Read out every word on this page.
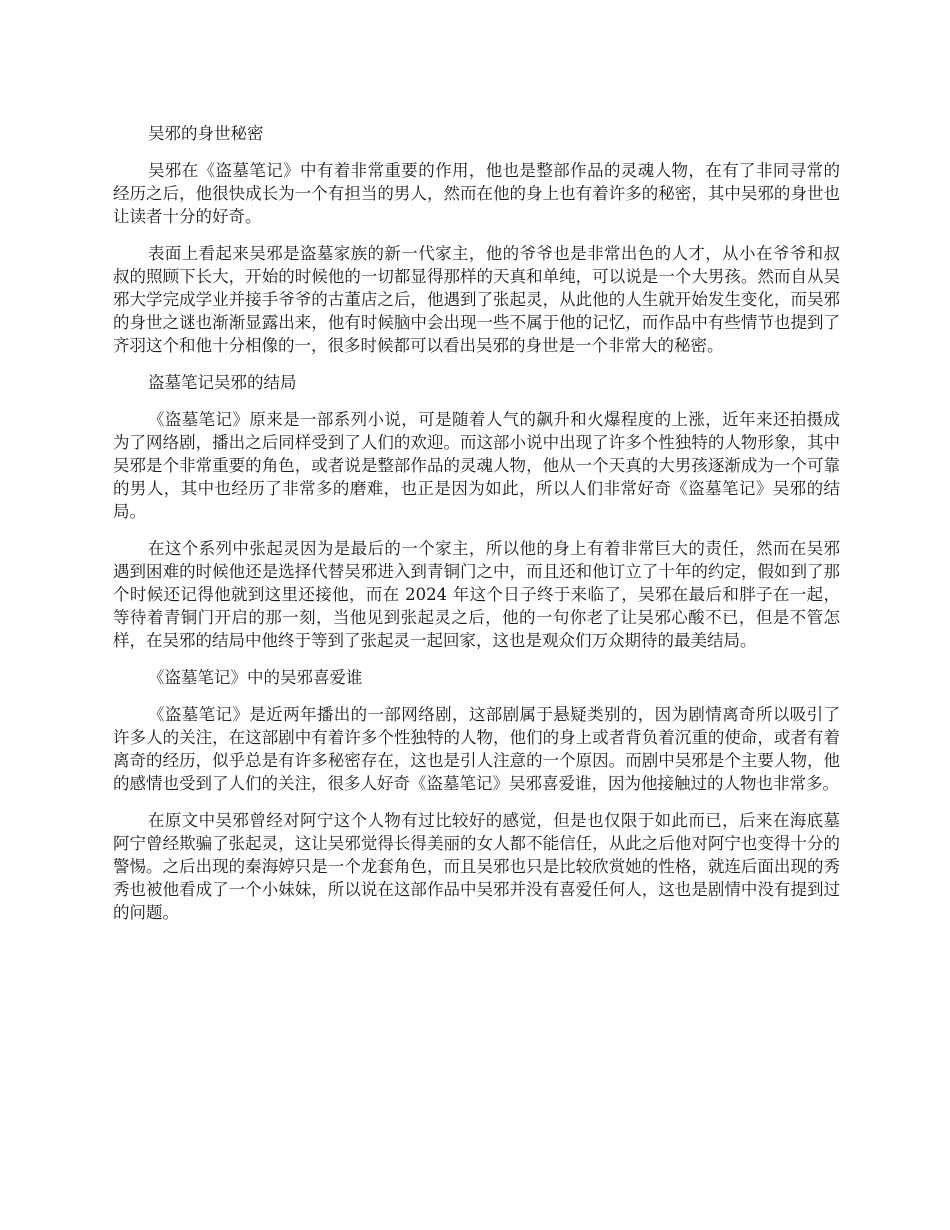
吴邪的身世秘密

吴邪在《盗墓笔记》中有着非常重要的作用，他也是整部作品的灵魂人物，在有了非同寻常的经历之后，他很快成长为一个有担当的男人，然而在他的身上也有着许多的秘密，其中吴邪的身世也让读者十分的好奇。

表面上看起来吴邪是盗墓家族的新一代家主，他的爷爷也是非常出色的人才，从小在爷爷和叔叔的照顾下长大，开始的时候他的一切都显得那样的天真和单纯，可以说是一个大男孩。然而自从吴邪大学完成学业并接手爷爷的古董店之后，他遇到了张起灵，从此他的人生就开始发生变化，而吴邪的身世之谜也渐渐显露出来，他有时候脑中会出现一些不属于他的记忆，而作品中有些情节也提到了齐羽这个和他十分相像的一，很多时候都可以看出吴邪的身世是一个非常大的秘密。

盗墓笔记吴邪的结局

《盗墓笔记》原来是一部系列小说，可是随着人气的飙升和火爆程度的上涨，近年来还拍摄成为了网络剧，播出之后同样受到了人们的欢迎。而这部小说中出现了许多个性独特的人物形象，其中吴邪是个非常重要的角色，或者说是整部作品的灵魂人物，他从一个天真的大男孩逐渐成为一个可靠的男人，其中也经历了非常多的磨难，也正是因为如此，所以人们非常好奇《盗墓笔记》吴邪的结局。

在这个系列中张起灵因为是最后的一个家主，所以他的身上有着非常巨大的责任，然而在吴邪遇到困难的时候他还是选择代替吴邪进入到青铜门之中，而且还和他订立了十年的约定，假如到了那个时候还记得他就到这里还接他，而在 2024 年这个日子终于来临了，吴邪在最后和胖子在一起，等待着青铜门开启的那一刻，当他见到张起灵之后，他的一句你老了让吴邪心酸不已，但是不管怎样，在吴邪的结局中他终于等到了张起灵一起回家，这也是观众们万众期待的最美结局。

《盗墓笔记》中的吴邪喜爱谁

《盗墓笔记》是近两年播出的一部网络剧，这部剧属于悬疑类别的，因为剧情离奇所以吸引了许多人的关注，在这部剧中有着许多个性独特的人物，他们的身上或者背负着沉重的使命，或者有着离奇的经历，似乎总是有许多秘密存在，这也是引人注意的一个原因。而剧中吴邪是个主要人物，他的感情也受到了人们的关注，很多人好奇《盗墓笔记》吴邪喜爱谁，因为他接触过的人物也非常多。

在原文中吴邪曾经对阿宁这个人物有过比较好的感觉，但是也仅限于如此而已，后来在海底墓阿宁曾经欺骗了张起灵，这让吴邪觉得长得美丽的女人都不能信任，从此之后他对阿宁也变得十分的警惕。之后出现的秦海婷只是一个龙套角色，而且吴邪也只是比较欣赏她的性格，就连后面出现的秀秀也被他看成了一个小妹妹，所以说在这部作品中吴邪并没有喜爱任何人，这也是剧情中没有提到过的问题。
